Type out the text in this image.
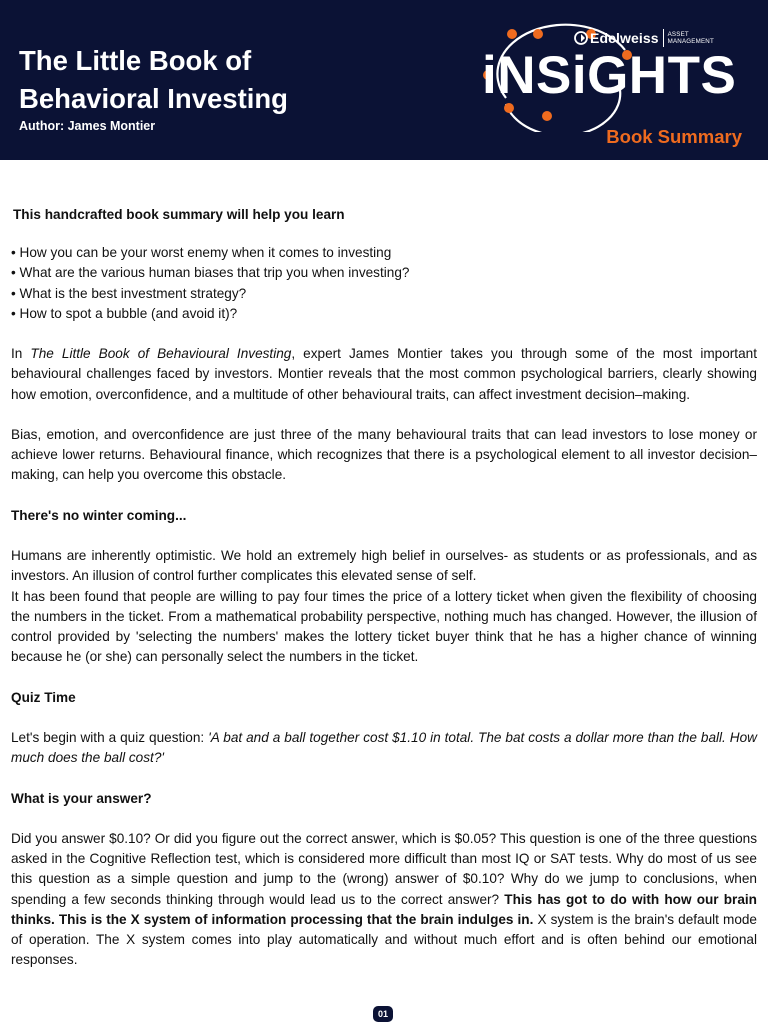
The Little Book of
Behavioral Investing
Author: James Montier
Edelweiss ASSET
MANAGEMENT
iNSiGHTS
Book Summary

This handcrafted book summary will help you learn

• How you can be your worst enemy when it comes to investing
• What are the various human biases that trip you when investing?
• What is the best investment strategy?
• How to spot a bubble (and avoid it)?

In The Little Book of Behavioural Investing, expert James Montier takes you through some of the most important behavioural challenges faced by investors. Montier reveals that the most common psychological barriers, clearly showing how emotion, overconfidence, and a multitude of other behavioural traits, can affect investment decision–making.

Bias, emotion, and overconfidence are just three of the many behavioural traits that can lead investors to lose money or achieve lower returns. Behavioural finance, which recognizes that there is a psychological element to all investor decision–making, can help you overcome this obstacle.

There's no winter coming...

Humans are inherently optimistic. We hold an extremely high belief in ourselves- as students or as professionals, and as investors. An illusion of control further complicates this elevated sense of self.

It has been found that people are willing to pay four times the price of a lottery ticket when given the flexibility of choosing the numbers in the ticket. From a mathematical probability perspective, nothing much has changed. However, the illusion of control provided by 'selecting the numbers' makes the lottery ticket buyer think that he has a higher chance of winning because he (or she) can personally select the numbers in the ticket.

Quiz Time

Let's begin with a quiz question: 'A bat and a ball together cost $1.10 in total. The bat costs a dollar more than the ball. How much does the ball cost?'

What is your answer?

Did you answer $0.10? Or did you figure out the correct answer, which is $0.05? This question is one of the three questions asked in the Cognitive Reflection test, which is considered more difficult than most IQ or SAT tests. Why do most of us see this question as a simple question and jump to the (wrong) answer of $0.10? Why do we jump to conclusions, when spending a few seconds thinking through would lead us to the correct answer? This has got to do with how our brain thinks. This is the X system of information processing that the brain indulges in. X system is the brain's default mode of operation. The X system comes into play automatically and without much effort and is often behind our emotional responses.

01
